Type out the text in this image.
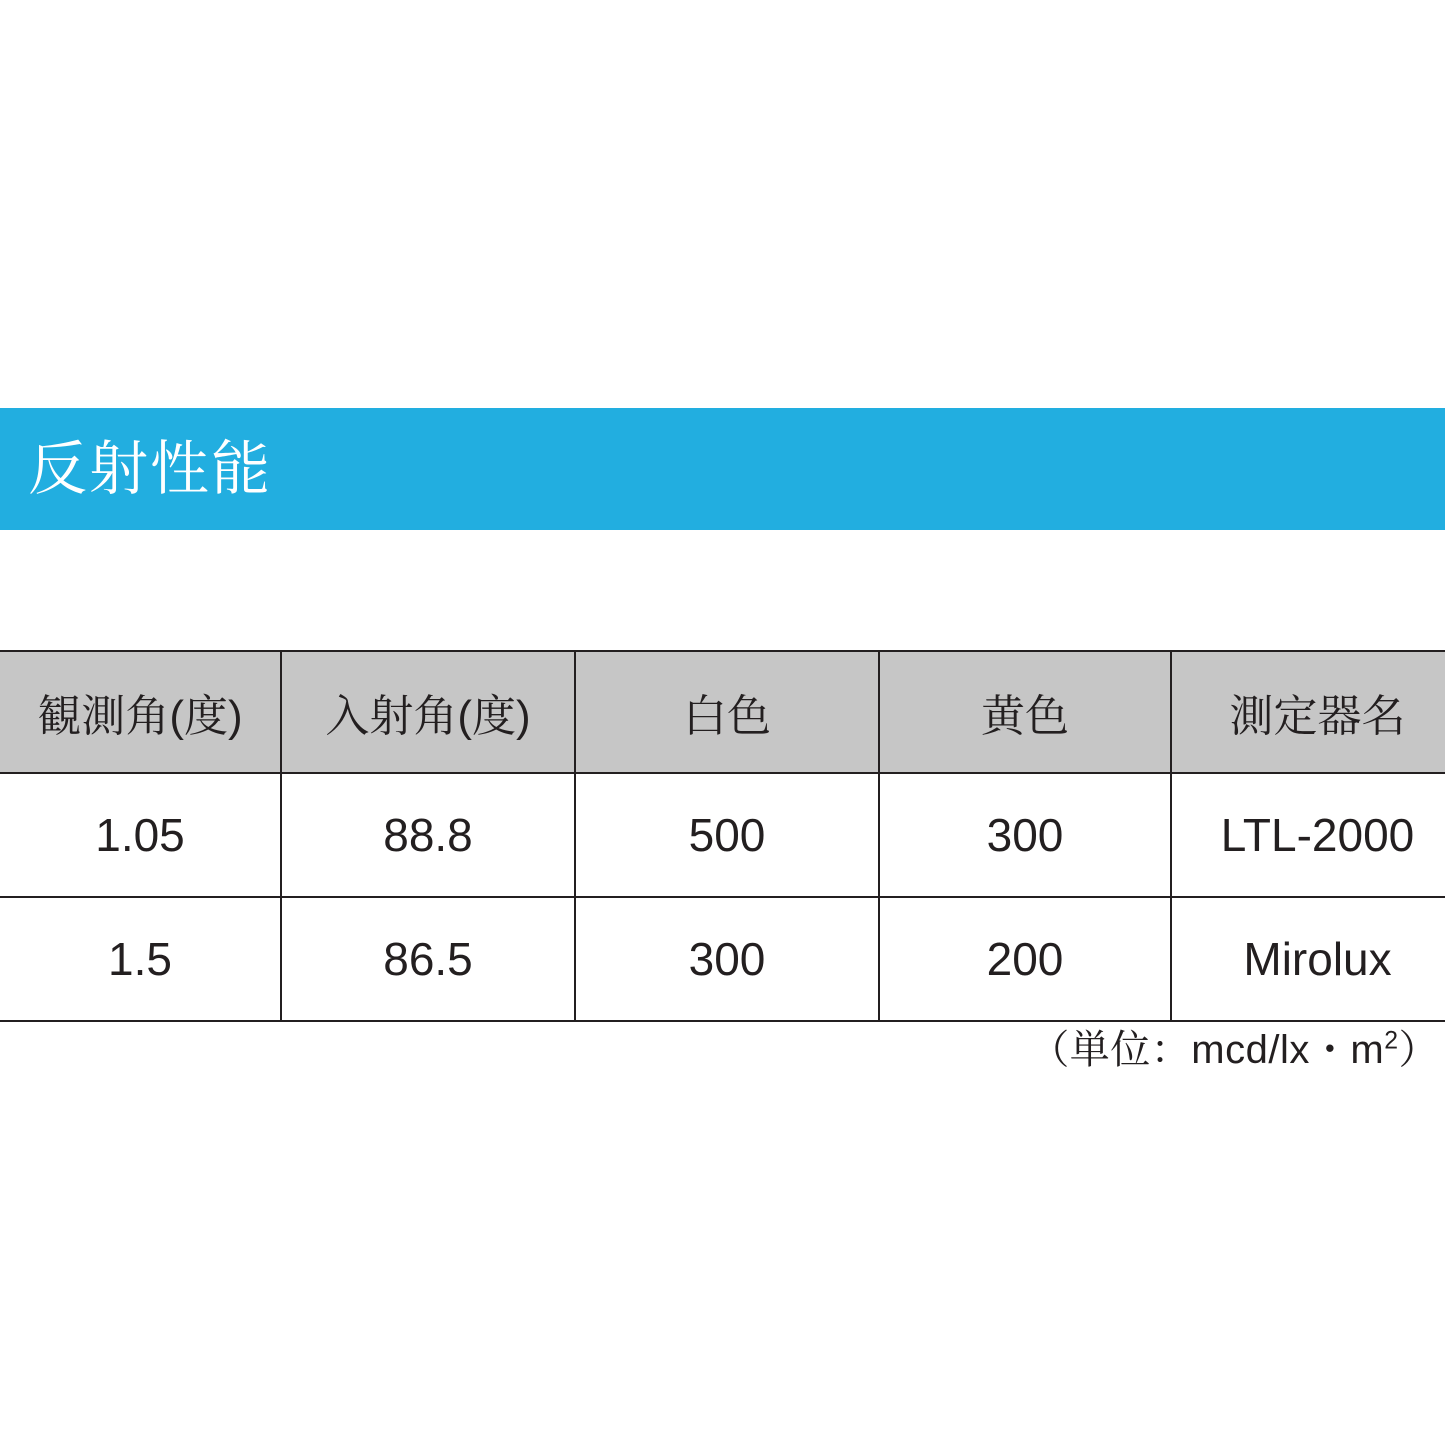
反射性能
観測角(度)	入射角(度)	白色	黄色	測定器名
1.05	88.8	500	300	LTL-2000
1.5	86.5	300	200	Mirolux
（単位：mcd/lx・$m^2$）
